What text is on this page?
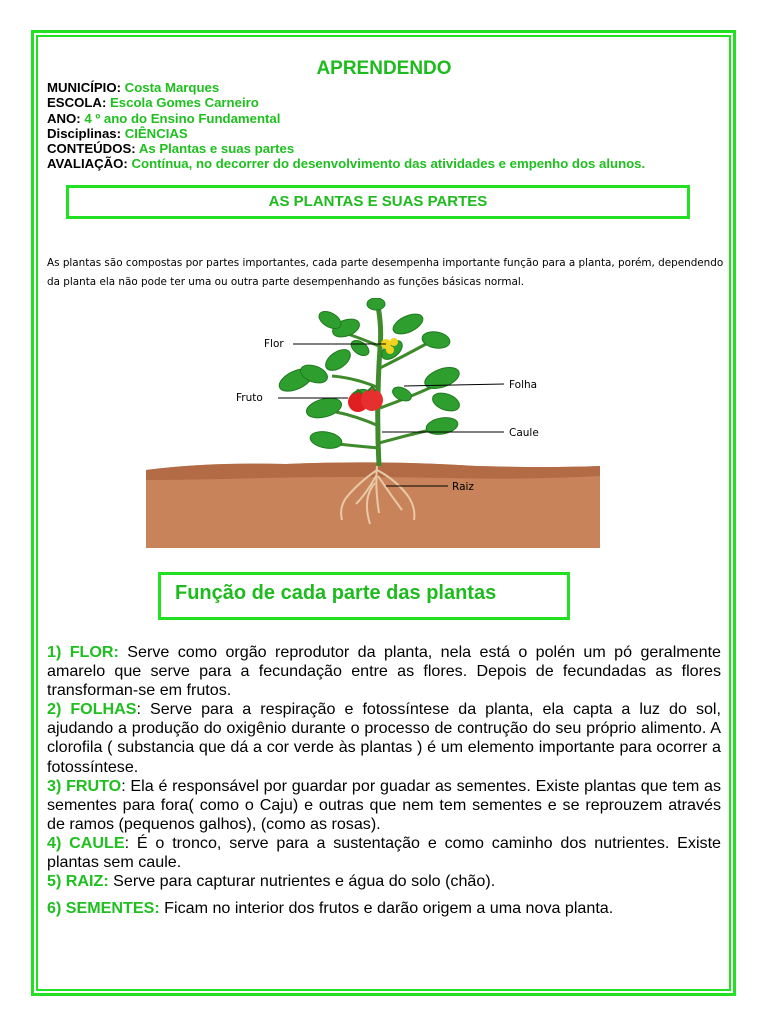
APRENDENDO
MUNICÍPIO: Costa Marques
ESCOLA: Escola Gomes Carneiro
ANO: 4 º ano do Ensino Fundamental
Disciplinas: CIÊNCIAS
CONTEÚDOS: As Plantas e suas partes
AVALIAÇÃO: Contínua, no decorrer do desenvolvimento das atividades e empenho dos alunos.
AS PLANTAS E SUAS PARTES
As plantas são compostas por partes importantes, cada parte desempenha importante função para a planta, porém, dependendo da planta ela não pode ter uma ou outra parte desempenhando as funções básicas normal.
Flor
Fruto
Folha
Caule
Raiz
Função de cada parte das plantas

1) FLOR: Serve como orgão reprodutor da planta, nela está o polén um pó geralmente amarelo que serve para a fecundação entre as flores. Depois de fecundadas as flores transforman-se em frutos.

2) FOLHAS: Serve para a respiração e fotossíntese da planta, ela capta a luz do sol, ajudando a produção do oxigênio durante o processo de contrução do seu próprio alimento. A clorofila ( substancia que dá a cor verde às plantas ) é um elemento importante para ocorrer a fotossíntese.

3) FRUTO: Ela é responsável por guardar por guadar as sementes. Existe plantas que tem as sementes para fora( como o Caju) e outras que nem tem sementes e se reprouzem através de ramos (pequenos galhos), (como as rosas).

4) CAULE: É o tronco, serve para a sustentação e como caminho dos nutrientes. Existe plantas sem caule.

5) RAIZ: Serve para capturar nutrientes e água do solo (chão).

6) SEMENTES: Ficam no interior dos frutos e darão origem a uma nova planta.
